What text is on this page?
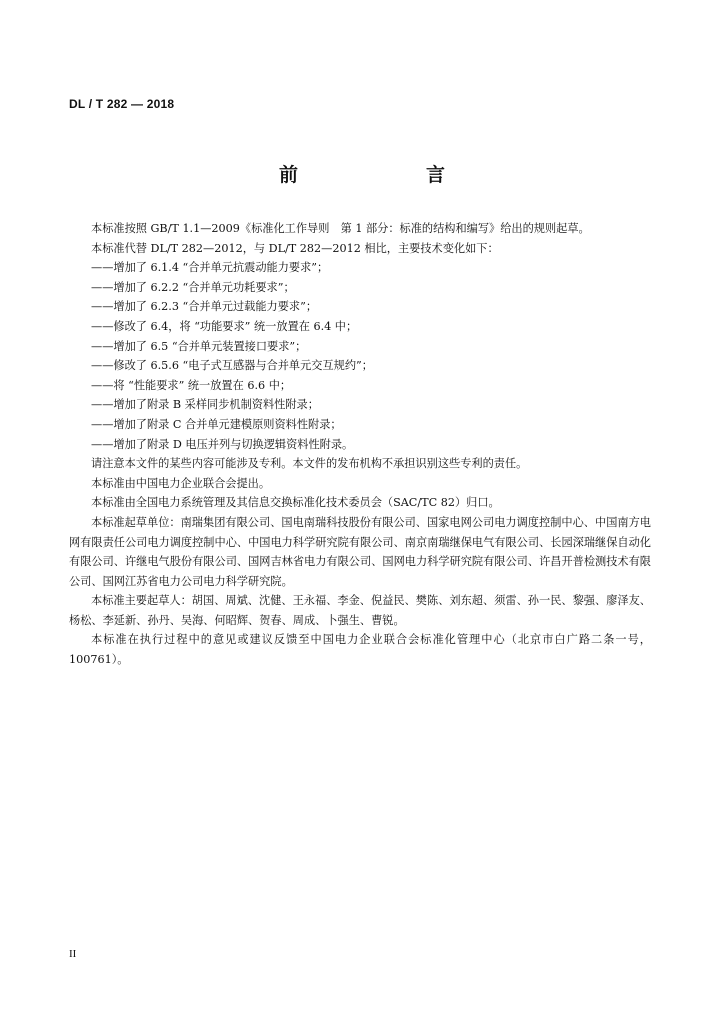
DL / T 282 — 2018
前　　言

本标准按照 GB/T 1.1—2009《标准化工作导则　第 1 部分：标准的结构和编写》给出的规则起草。

本标准代替 DL/T 282—2012，与 DL/T 282—2012 相比，主要技术变化如下：

——增加了 6.1.4 “合并单元抗震动能力要求”；

——增加了 6.2.2 “合并单元功耗要求”；

——增加了 6.2.3 “合并单元过载能力要求”；

——修改了 6.4，将 “功能要求” 统一放置在 6.4 中；

——增加了 6.5 “合并单元装置接口要求”；

——修改了 6.5.6 “电子式互感器与合并单元交互规约”；

——将 “性能要求” 统一放置在 6.6 中；

——增加了附录 B 采样同步机制资料性附录；

——增加了附录 C 合并单元建模原则资料性附录；

——增加了附录 D 电压并列与切换逻辑资料性附录。

请注意本文件的某些内容可能涉及专利。本文件的发布机构不承担识别这些专利的责任。

本标准由中国电力企业联合会提出。

本标准由全国电力系统管理及其信息交换标准化技术委员会（SAC/TC 82）归口。

本标准起草单位：南瑞集团有限公司、国电南瑞科技股份有限公司、国家电网公司电力调度控制中心、中国南方电网有限责任公司电力调度控制中心、中国电力科学研究院有限公司、南京南瑞继保电气有限公司、长园深瑞继保自动化有限公司、许继电气股份有限公司、国网吉林省电力有限公司、国网电力科学研究院有限公司、许昌开普检测技术有限公司、国网江苏省电力公司电力科学研究院。

本标准主要起草人：胡国、周斌、沈健、王永福、李金、倪益民、樊陈、刘东超、须雷、孙一民、黎强、廖泽友、杨松、李延新、孙丹、吴海、何昭辉、贺春、周成、卜强生、曹锐。

本标准在执行过程中的意见或建议反馈至中国电力企业联合会标准化管理中心（北京市白广路二条一号，100761）。

II
